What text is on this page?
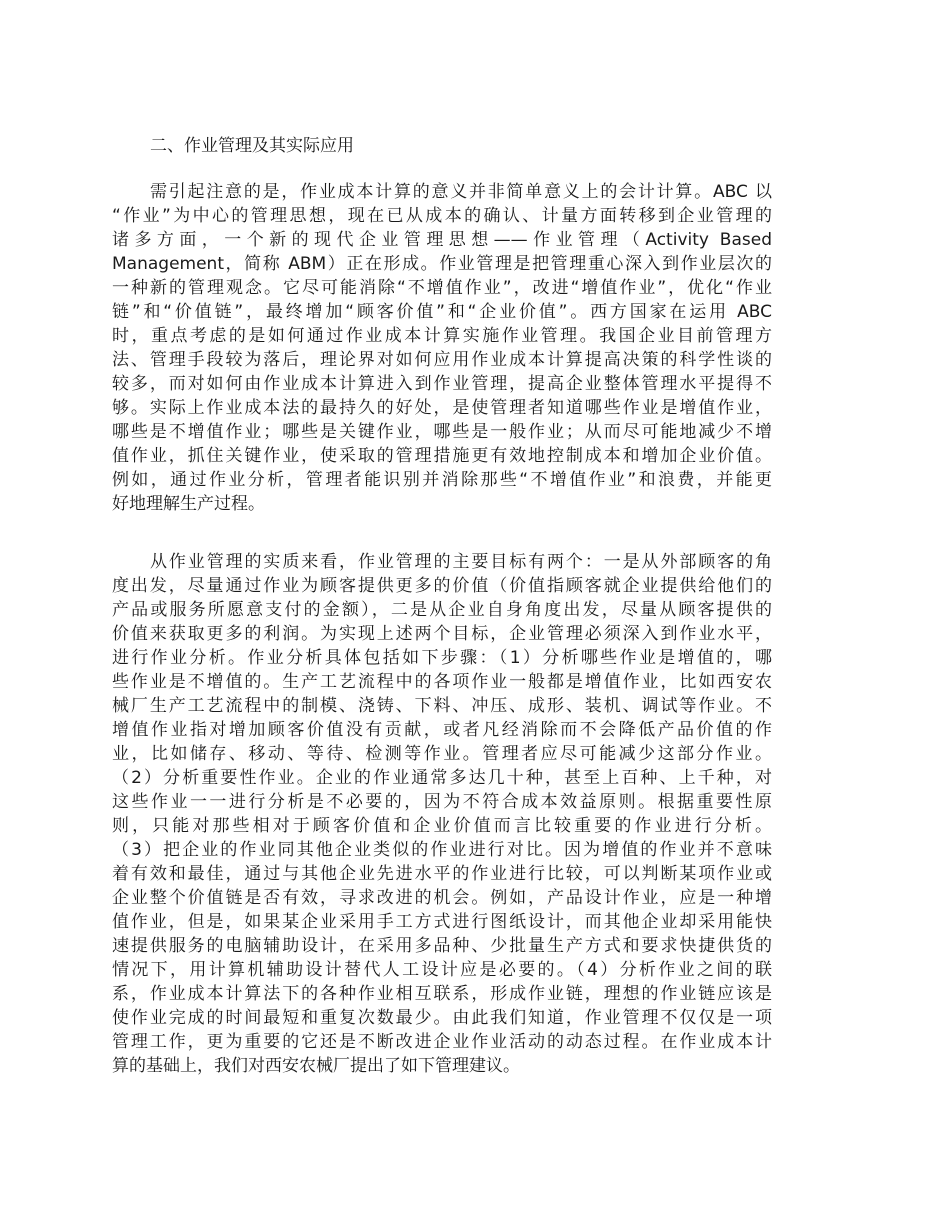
二、作业管理及其实际应用
需引起注意的是，作业成本计算的意义并非简单意义上的会计计算。ABC 以
“作业”为中心的管理思想，现在已从成本的确认、计量方面转移到企业管理的
诸多方面，一个新的现代企业管理思想——作业管理（Activity Based
Management，简称 ABM）正在形成。作业管理是把管理重心深入到作业层次的
一种新的管理观念。它尽可能消除“不增值作业”，改进“增值作业”，优化“作业
链”和“价值链”，最终增加“顾客价值”和“企业价值”。西方国家在运用 ABC
时，重点考虑的是如何通过作业成本计算实施作业管理。我国企业目前管理方
法、管理手段较为落后，理论界对如何应用作业成本计算提高决策的科学性谈的
较多，而对如何由作业成本计算进入到作业管理，提高企业整体管理水平提得不
够。实际上作业成本法的最持久的好处，是使管理者知道哪些作业是增值作业，
哪些是不增值作业；哪些是关键作业，哪些是一般作业；从而尽可能地减少不增
值作业，抓住关键作业，使采取的管理措施更有效地控制成本和增加企业价值。
例如，通过作业分析，管理者能识别并消除那些“不增值作业”和浪费，并能更
好地理解生产过程。
从作业管理的实质来看，作业管理的主要目标有两个：一是从外部顾客的角
度出发，尽量通过作业为顾客提供更多的价值（价值指顾客就企业提供给他们的
产品或服务所愿意支付的金额），二是从企业自身角度出发，尽量从顾客提供的
价值来获取更多的利润。为实现上述两个目标，企业管理必须深入到作业水平，
进行作业分析。作业分析具体包括如下步骤：（1）分析哪些作业是增值的，哪
些作业是不增值的。生产工艺流程中的各项作业一般都是增值作业，比如西安农
械厂生产工艺流程中的制模、浇铸、下料、冲压、成形、装机、调试等作业。不
增值作业指对增加顾客价值没有贡献，或者凡经消除而不会降低产品价值的作
业，比如储存、移动、等待、检测等作业。管理者应尽可能减少这部分作业。
（2）分析重要性作业。企业的作业通常多达几十种，甚至上百种、上千种，对
这些作业一一进行分析是不必要的，因为不符合成本效益原则。根据重要性原
则，只能对那些相对于顾客价值和企业价值而言比较重要的作业进行分析。
（3）把企业的作业同其他企业类似的作业进行对比。因为增值的作业并不意味
着有效和最佳，通过与其他企业先进水平的作业进行比较，可以判断某项作业或
企业整个价值链是否有效，寻求改进的机会。例如，产品设计作业，应是一种增
值作业，但是，如果某企业采用手工方式进行图纸设计，而其他企业却采用能快
速提供服务的电脑辅助设计，在采用多品种、少批量生产方式和要求快捷供货的
情况下，用计算机辅助设计替代人工设计应是必要的。（4）分析作业之间的联
系，作业成本计算法下的各种作业相互联系，形成作业链，理想的作业链应该是
使作业完成的时间最短和重复次数最少。由此我们知道，作业管理不仅仅是一项
管理工作，更为重要的它还是不断改进企业作业活动的动态过程。在作业成本计
算的基础上，我们对西安农械厂提出了如下管理建议。
